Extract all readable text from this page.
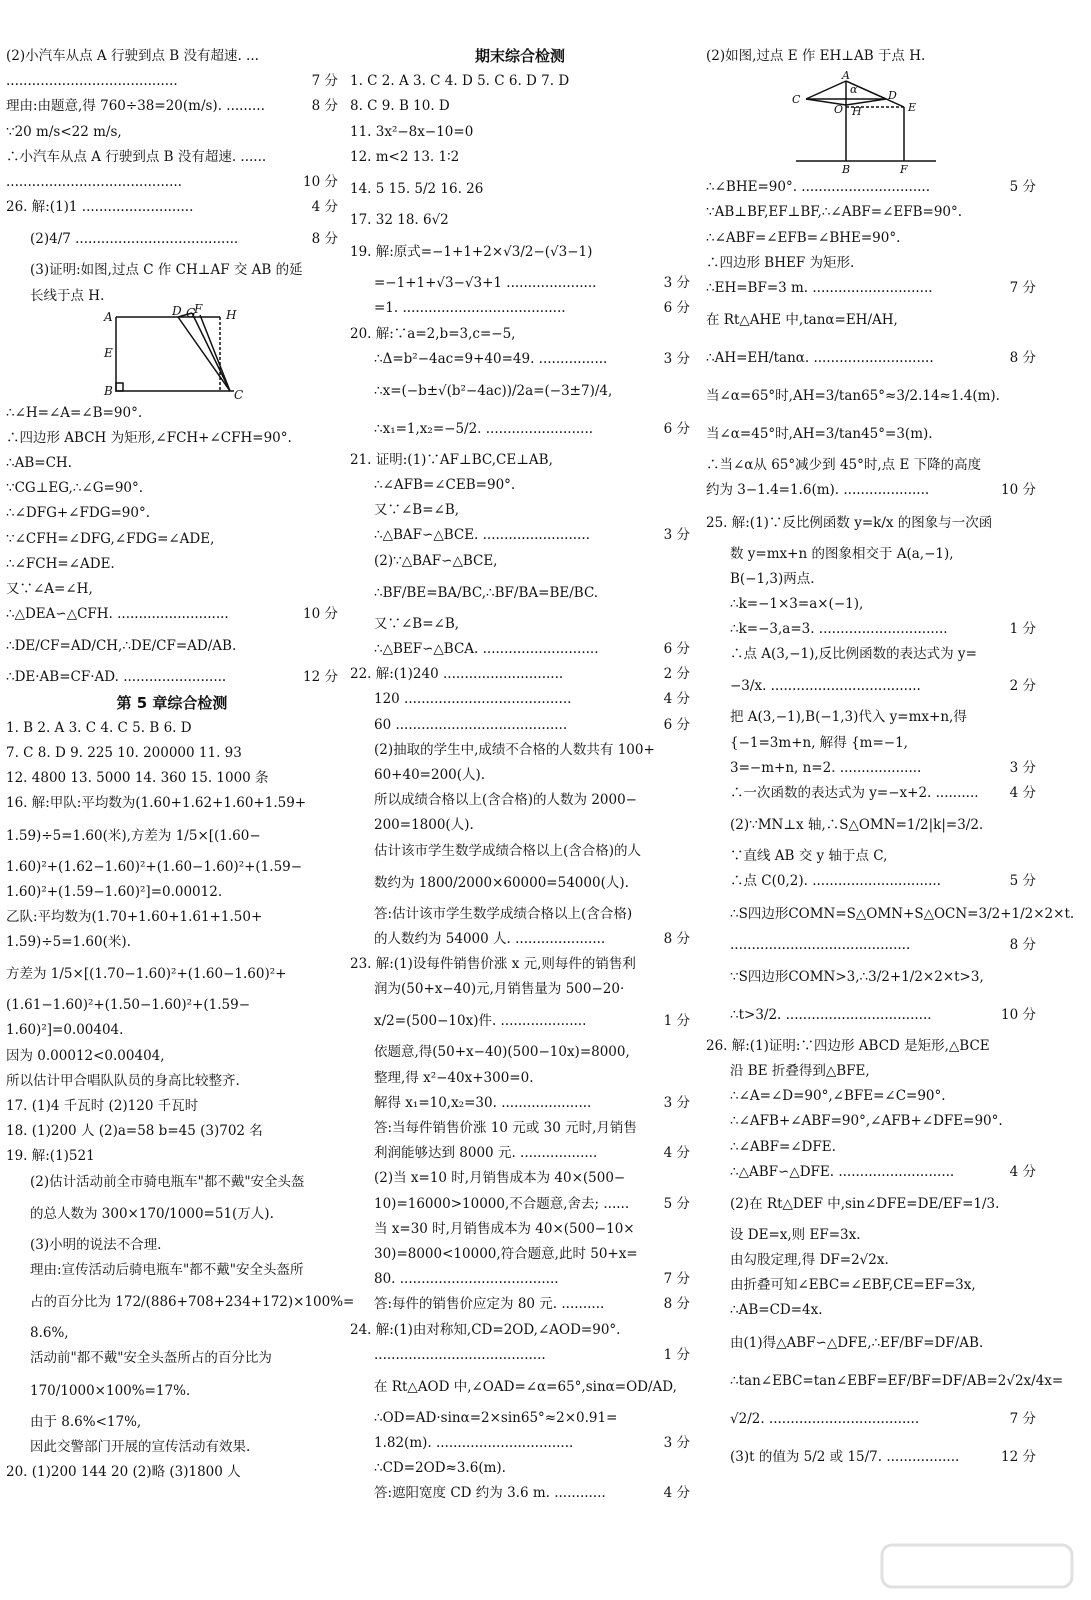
(2)小汽车从点 A 行驶到点 B 没有超速. ...
........................................	7 分
理由:由题意,得 760÷38=20(m/s). .........	8 分
∵20 m/s<22 m/s,
∴小汽车从点 A 行驶到点 B 没有超速. ......
.........................................	10 分
26. 解:(1)1 ..........................	4 分
(2)4/7 ......................................	8 分
(3)证明:如图,过点 C 作 CH⊥AF 交 AB 的延
长线于点 H.
A
B	C
D
E
F
G	H
∴∠H=∠A=∠B=90°.
∴四边形 ABCH 为矩形,∠FCH+∠CFH=90°.
∴AB=CH.
∵CG⊥EG,∴∠G=90°.
∴∠DFG+∠FDG=90°.
∵∠CFH=∠DFG,∠FDG=∠ADE,
∴∠FCH=∠ADE.
又∵∠A=∠H,
∴△DEA∽△CFH. ..........................	10 分
∴DE/CF=AD/CH,∴DE/CF=AD/AB.
∴DE·AB=CF·AD. ........................	12 分
第 5 章综合检测
1. B 2. A 3. C 4. C 5. B 6. D
7. C 8. D 9. 225 10. 200000 11. 93
12. 4800 13. 5000 14. 360 15. 1000 条
16. 解:甲队:平均数为(1.60+1.62+1.60+1.59+
1.59)÷5=1.60(米),方差为 1/5×[(1.60−
1.60)²+(1.62−1.60)²+(1.60−1.60)²+(1.59−
1.60)²+(1.59−1.60)²]=0.00012.
乙队:平均数为(1.70+1.60+1.61+1.50+
1.59)÷5=1.60(米).
方差为 1/5×[(1.70−1.60)²+(1.60−1.60)²+
(1.61−1.60)²+(1.50−1.60)²+(1.59−
1.60)²]=0.00404.
因为 0.00012<0.00404,
所以估计甲合唱队队员的身高比较整齐.
17. (1)4 千瓦时 (2)120 千瓦时
18. (1)200 人 (2)a=58 b=45 (3)702 名
19. 解:(1)521
(2)估计活动前全市骑电瓶车"都不戴"安全头盔
的总人数为 300×170/1000=51(万人).
(3)小明的说法不合理.
理由:宣传活动后骑电瓶车"都不戴"安全头盔所
占的百分比为 172/(886+708+234+172)×100%=
8.6%,
活动前"都不戴"安全头盔所占的百分比为
170/1000×100%=17%.
由于 8.6%<17%,
因此交警部门开展的宣传活动有效果.
20. (1)200 144 20 (2)略 (3)1800 人
期末综合检测
1. C 2. A 3. C 4. D 5. C 6. D 7. D
8. C 9. B 10. D
11. 3x²−8x−10=0
12. m<2 13. 1∶2
14. 5 15. 5/2 16. 26
17. 32 18. 6√2
19. 解:原式=−1+1+2×√3/2−(√3−1)
=−1+1+√3−√3+1 .....................	3 分
=1. ......................................	6 分
20. 解:∵a=2,b=3,c=−5,
∴Δ=b²−4ac=9+40=49. ................	3 分
∴x=(−b±√(b²−4ac))/2a=(−3±7)/4,
∴x₁=1,x₂=−5/2. .........................	6 分
21. 证明:(1)∵AF⊥BC,CE⊥AB,
∴∠AFB=∠CEB=90°.
又∵∠B=∠B,
∴△BAF∽△BCE. .........................	3 分
(2)∵△BAF∽△BCE,
∴BF/BE=BA/BC,∴BF/BA=BE/BC.
又∵∠B=∠B,
∴△BEF∽△BCA. ...........................	6 分
22. 解:(1)240 ............................	2 分
120 .......................................	4 分
60 ........................................	6 分
(2)抽取的学生中,成绩不合格的人数共有 100+
60+40=200(人).
所以成绩合格以上(含合格)的人数为 2000−
200=1800(人).
估计该市学生数学成绩合格以上(含合格)的人
数约为 1800/2000×60000=54000(人).
答:估计该市学生数学成绩合格以上(含合格)
的人数约为 54000 人. .....................	8 分
23. 解:(1)设每件销售价涨 x 元,则每件的销售利
润为(50+x−40)元,月销售量为 500−20·
x/2=(500−10x)件. ....................	1 分
依题意,得(50+x−40)(500−10x)=8000,
整理,得 x²−40x+300=0.
解得 x₁=10,x₂=30. .....................	3 分
答:当每件销售价涨 10 元或 30 元时,月销售
利润能够达到 8000 元. ..................	4 分
(2)当 x=10 时,月销售成本为 40×(500−
10)=16000>10000,不合题意,舍去; ......	5 分
当 x=30 时,月销售成本为 40×(500−10×
30)=8000<10000,符合题意,此时 50+x=
80. .....................................	7 分
答:每件的销售价应定为 80 元. ..........	8 分
24. 解:(1)由对称知,CD=2OD,∠AOD=90°.
........................................	1 分
在 Rt△AOD 中,∠OAD=∠α=65°,sinα=OD/AD,
∴OD=AD·sinα=2×sin65°≈2×0.91=
1.82(m). ................................	3 分
∴CD=2OD≈3.6(m).
答:遮阳宽度 CD 约为 3.6 m. ............	4 分
(2)如图,过点 E 作 EH⊥AB 于点 H.
A
α
C	D
E
O H
B	F
∴∠BHE=90°. ..............................	5 分
∵AB⊥BF,EF⊥BF,∴∠ABF=∠EFB=90°.
∴∠ABF=∠EFB=∠BHE=90°.
∴四边形 BHEF 为矩形.
∴EH=BF=3 m. ............................	7 分
在 Rt△AHE 中,tanα=EH/AH,
∴AH=EH/tanα. ............................	8 分
当∠α=65°时,AH=3/tan65°≈3/2.14≈1.4(m).
当∠α=45°时,AH=3/tan45°=3(m).
∴当∠α从 65°减少到 45°时,点 E 下降的高度
约为 3−1.4=1.6(m). ....................	10 分
25. 解:(1)∵反比例函数 y=k/x 的图象与一次函
数 y=mx+n 的图象相交于 A(a,−1),
B(−1,3)两点.
∴k=−1×3=a×(−1),
∴k=−3,a=3. ..............................	1 分
∴点 A(3,−1),反比例函数的表达式为 y=
−3/x. ...................................	2 分
把 A(3,−1),B(−1,3)代入 y=mx+n,得
{−1=3m+n, 解得 {m=−1,
3=−m+n, n=2. ...................	3 分
∴一次函数的表达式为 y=−x+2. .......... 4 分
(2)∵MN⊥x 轴,∴S△OMN=1/2|k|=3/2.
∵直线 AB 交 y 轴于点 C,
∴点 C(0,2). ..............................	5 分
∴S四边形COMN=S△OMN+S△OCN=3/2+1/2×2×t.
..........................................	8 分
∵S四边形COMN>3,∴3/2+1/2×2×t>3,
∴t>3/2. ..................................	10 分
26. 解:(1)证明:∵四边形 ABCD 是矩形,△BCE
沿 BE 折叠得到△BFE,
∴∠A=∠D=90°,∠BFE=∠C=90°.
∴∠AFB+∠ABF=90°,∠AFB+∠DFE=90°.
∴∠ABF=∠DFE.
∴△ABF∽△DFE. ...........................	4 分
(2)在 Rt△DEF 中,sin∠DFE=DE/EF=1/3.
设 DE=x,则 EF=3x.
由勾股定理,得 DF=2√2x.
由折叠可知∠EBC=∠EBF,CE=EF=3x,
∴AB=CD=4x.
由(1)得△ABF∽△DFE,∴EF/BF=DF/AB.
∴tan∠EBC=tan∠EBF=EF/BF=DF/AB=2√2x/4x=
√2/2. ...................................	7 分
(3)t 的值为 5/2 或 15/7. .................	12 分
